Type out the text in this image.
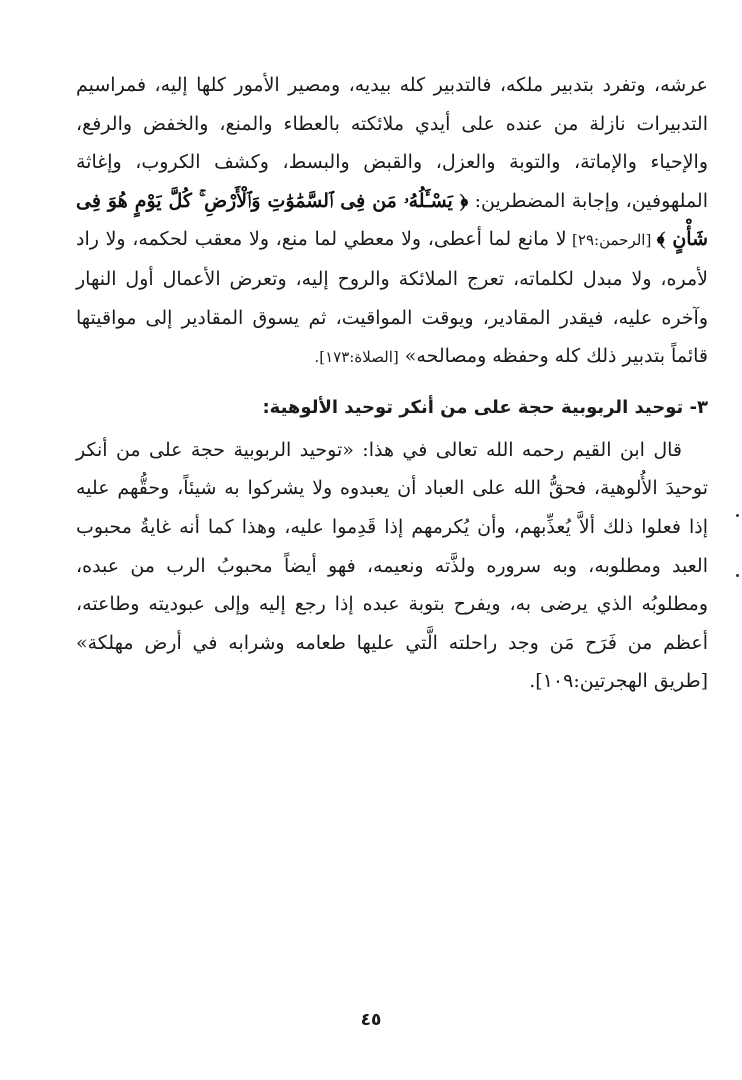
عرشه، وتفرد بتدبير ملكه، فالتدبير كله بيديه، ومصير الأمور كلها إليه، فمراسيم التدبيرات نازلة من عنده على أيدي ملائكته بالعطاء والمنع، والخفض والرفع، والإحياء والإماتة، والتوبة والعزل، والقبض والبسط، وكشف الكروب، وإغاثة الملهوفين، وإجابة المضطرين: ﴿ يَسْـَٔلُهُۥ مَن فِى ٱلسَّمَٰوَٰتِ وَٱلْأَرْضِ ۚ كُلَّ يَوْمٍ هُوَ فِى شَأْنٍ ﴾ [الرحمن:٢٩] لا مانع لما أعطى، ولا معطي لما منع، ولا معقب لحكمه، ولا راد لأمره، ولا مبدل لكلماته، تعرج الملائكة والروح إليه، وتعرض الأعمال أول النهار وآخره عليه، فيقدر المقادير، ويوقت المواقيت، ثم يسوق المقادير إلى مواقيتها قائماً بتدبير ذلك كله وحفظه ومصالحه» [الصلاة:١٧٣].

٣- توحيد الربوبية حجة على من أنكر توحيد الألوهية:

قال ابن القيم رحمه الله تعالى في هذا: «توحيد الربوبية حجة على من أنكر توحيدَ الأُلوهية، فحقُّ الله على العباد أن يعبدوه ولا يشركوا به شيئاً، وحقُّهم عليه إذا فعلوا ذلك ألاَّ يُعذِّبهم، وأن يُكرمهم إذا قَدِموا عليه، وهذا كما أنه غايةُ محبوب العبد ومطلوبه، وبه سروره ولذَّته ونعيمه، فهو أيضاً محبوبُ الرب من عبده، ومطلوبُه الذي يرضى به، ويفرح بتوبة عبده إذا رجع إليه وإلى عبوديته وطاعته، أعظم من فَرَح مَن وجد راحلته الَّتي عليها طعامه وشرابه في أرض مهلكة» [طريق الهجرتين:١٠٩].

٤٥
